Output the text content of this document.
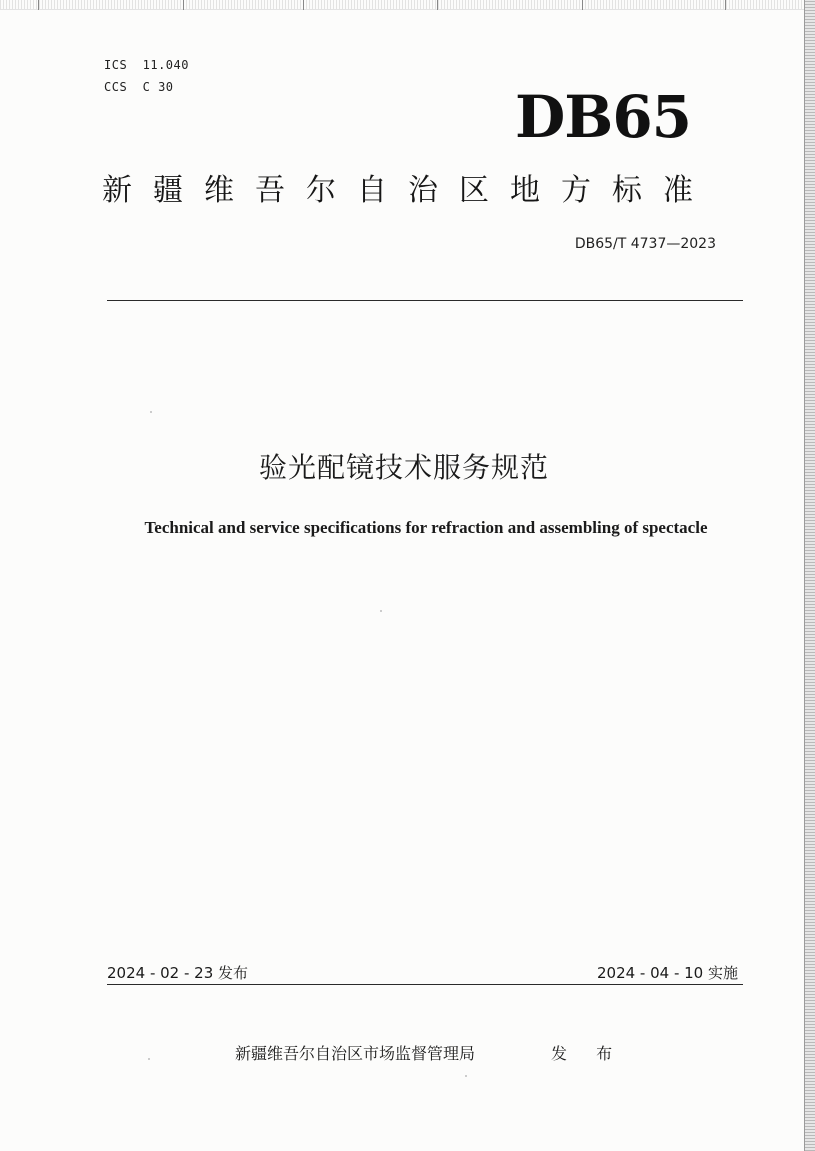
ICS  11.040
CCS  C 30	DB65
新疆维吾尔自治区地方标准
DB65/T 4737—2023
验光配镜技术服务规范
Technical and service specifications for refraction and assembling of spectacle
2024 - 02 - 23 发布	2024 - 04 - 10 实施
新疆维吾尔自治区市场监督管理局	发 布
